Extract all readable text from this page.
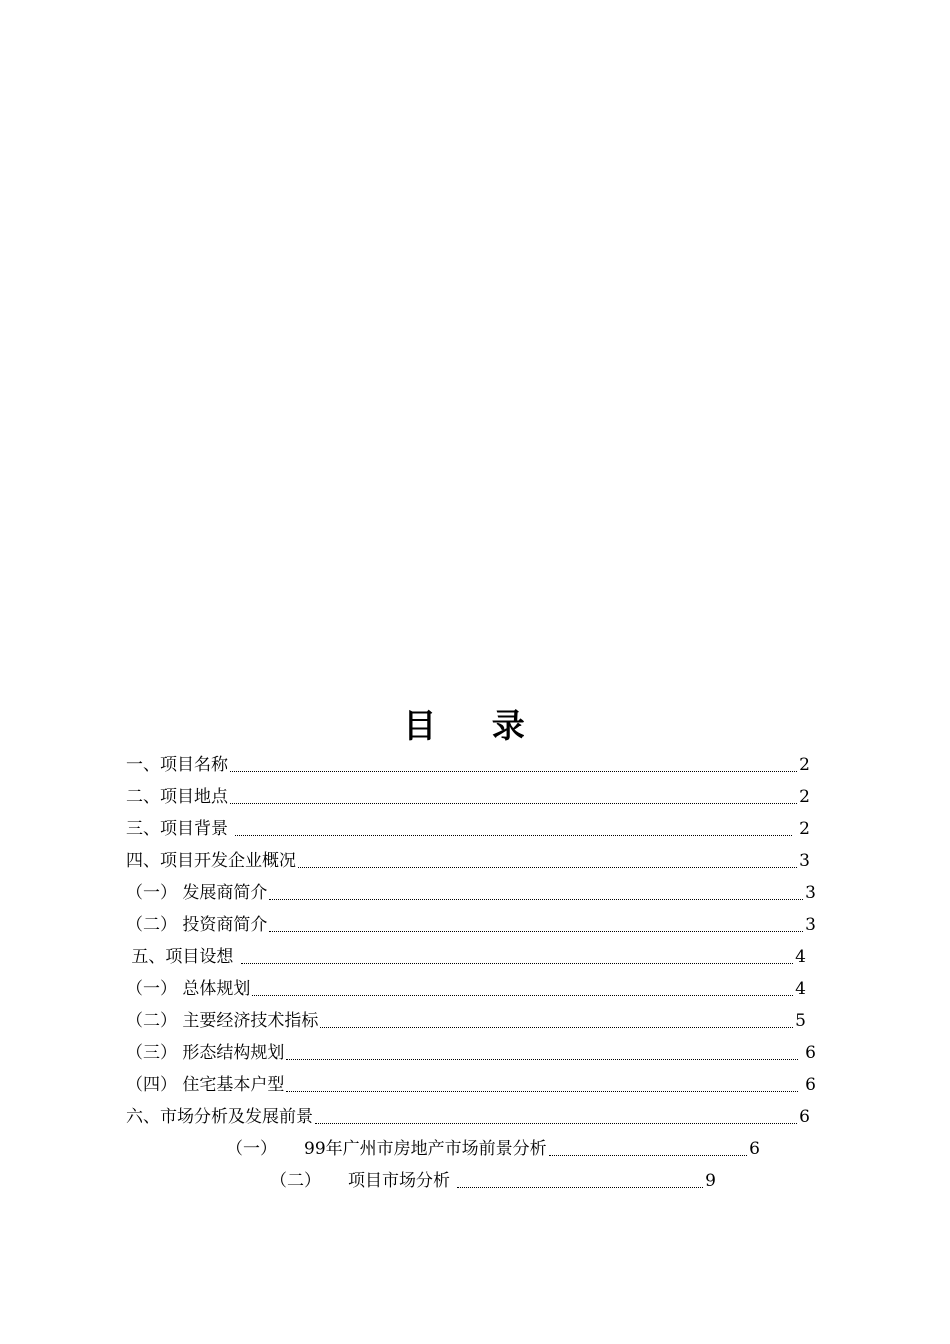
目 录
一、项目名称	2
二、项目地点	2
三、项目背景	2
四、项目开发企业概况	3
（一） 发展商简介	3
（二） 投资商简介	3
五、项目设想	4
（一） 总体规划	4
（二） 主要经济技术指标	5
（三） 形态结构规划	6
（四） 住宅基本户型	6
六、市场分析及发展前景	6
（一）     99年广州市房地产市场前景分析	6
（二）     项目市场分析	9
